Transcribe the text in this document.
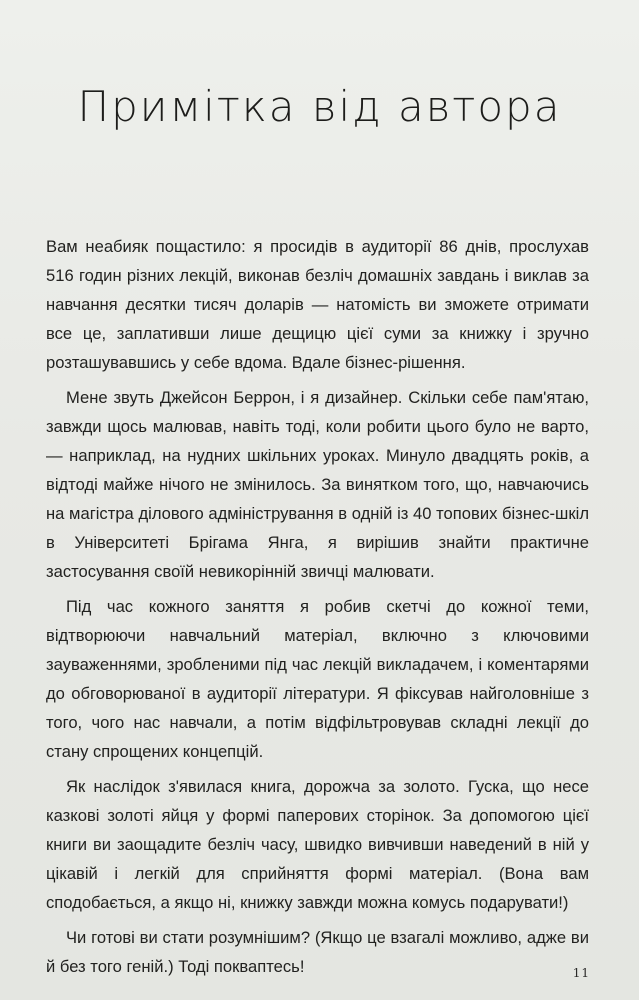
Примітка від автора

Вам неабияк пощастило: я просидів в аудиторії 86 днів, прослухав 516 годин різних лекцій, виконав безліч домашніх завдань і виклав за навчання десятки тисяч доларів — натомість ви зможете отримати все це, заплативши лише дещицю цієї суми за книжку і зручно розташувавшись у себе вдома. Вдале бізнес-рішення.

Мене звуть Джейсон Беррон, і я дизайнер. Скільки себе пам'ятаю, завжди щось малював, навіть тоді, коли робити цього було не варто, — наприклад, на нудних шкільних уроках. Минуло двадцять років, а відтоді майже нічого не змінилось. За винятком того, що, навчаючись на магістра ділового адміністрування в одній із 40 топових бізнес-шкіл в Університеті Брігама Янга, я вирішив знайти практичне застосування своїй невикорінній звичці малювати.

Під час кожного заняття я робив скетчі до кожної теми, відтворюючи навчальний матеріал, включно з ключовими зауваженнями, зробленими під час лекцій викладачем, і коментарями до обговорюваної в аудиторії літератури. Я фіксував найголовніше з того, чого нас навчали, а потім відфільтровував складні лекції до стану спрощених концепцій.

Як наслідок з'явилася книга, дорожча за золото. Гуска, що несе казкові золоті яйця у формі паперових сторінок. За допомогою цієї книги ви заощадите безліч часу, швидко вивчивши наведений в ній у цікавій і легкій для сприйняття формі матеріал. (Вона вам сподобається, а якщо ні, книжку завжди можна комусь подарувати!)

Чи готові ви стати розумнішим? (Якщо це взагалі можливо, адже ви й без того геній.) Тоді покваптесь!	11
